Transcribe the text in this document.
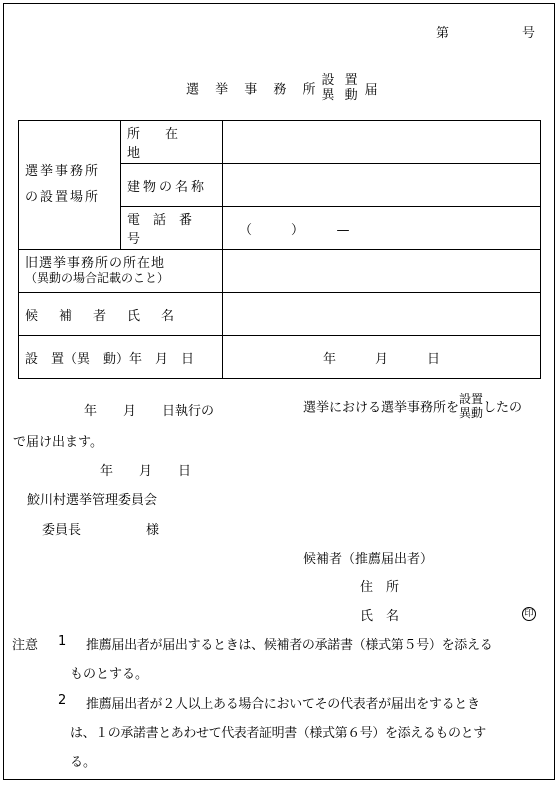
第	号
選 挙 事 務 所
設 置
異 動 届
選挙事務所
の設置場所	所　在　地	
	建物の名称	
	電　話　番　号	（　　　）　　　—

旧選挙事務所の所在地
（異動の場合記載のこと）		

候　補　者　氏　名		
設　置（異　動）年　月　日		年　　　月　　　日
年　　月　　日執行の	選挙における選挙事務所を
設置
異動 したの
で届け出ます。
年　　月　　日
鮫川村選挙管理委員会
委員長　　　　　様
候補者（推薦届出者）
住　所
氏　名	印
注意 1 推薦届出者が届出するときは、候補者の承諾書（様式第５号）を添える
ものとする。
2 推薦届出者が２人以上ある場合においてその代表者が届出をするとき
は、１の承諾書とあわせて代表者証明書（様式第６号）を添えるものとす
る。
